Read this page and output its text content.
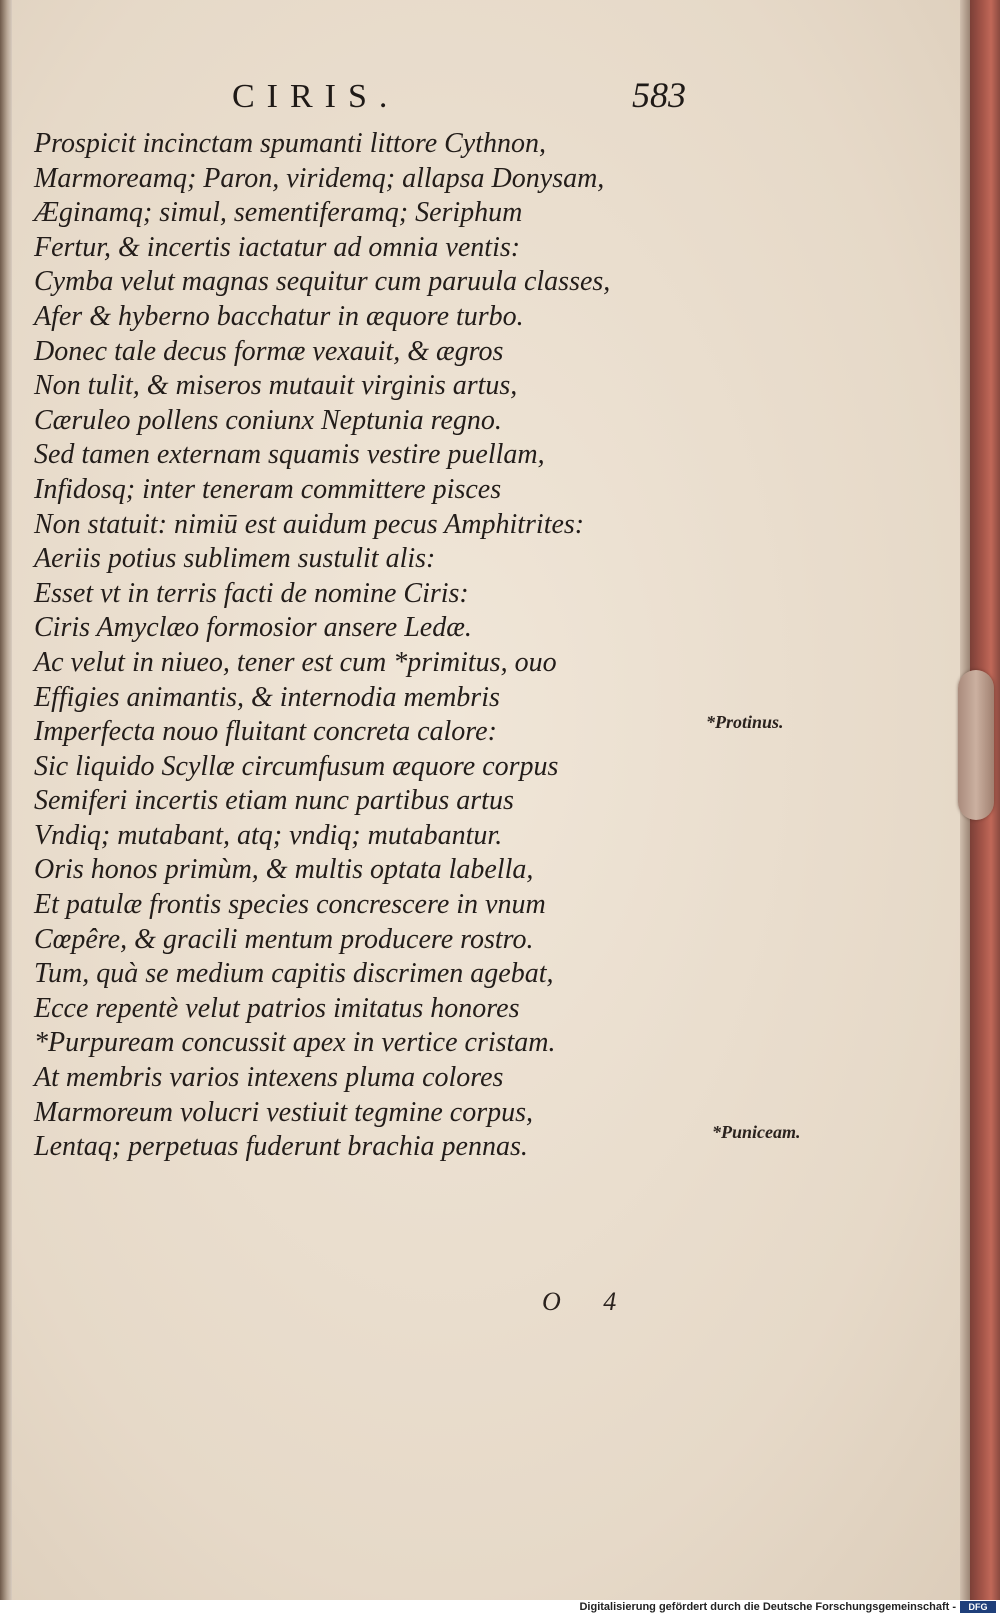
CIRIS.	583
Prospicit incinctam spumanti littore Cythnon,
Marmoreamq; Paron, viridemq; allapsa Donysam,
Æginamq; simul, sementiferamq; Seriphum
Fertur, & incertis iactatur ad omnia ventis:
Cymba velut magnas sequitur cum paruula classes,
Afer & hyberno bacchatur in æquore turbo.
Donec tale decus formæ vexauit, & ægros
Non tulit, & miseros mutauit virginis artus,
Cæruleo pollens coniunx Neptunia regno.
Sed tamen externam squamis vestire puellam,
Infidosq; inter teneram committere pisces
Non statuit: nimiū est auidum pecus Amphitrites:
Aeriis potius sublimem sustulit alis:
Esset vt in terris facti de nomine Ciris:
Ciris Amyclæo formosior ansere Ledæ.
Ac velut in niueo, tener est cum *primitus, ouo
Effigies animantis, & internodia membris
Imperfecta nouo fluitant concreta calore:
Sic liquido Scyllæ circumfusum æquore corpus
Semiferi incertis etiam nunc partibus artus
Vndiq; mutabant, atq; vndiq; mutabantur.
Oris honos primùm, & multis optata labella,
Et patulæ frontis species concrescere in vnum
Cœpêre, & gracili mentum producere rostro.
Tum, quà se medium capitis discrimen agebat,
Ecce repentè velut patrios imitatus honores
*Purpuream concussit apex in vertice cristam.
At membris varios intexens pluma colores
Marmoreum volucri vestiuit tegmine corpus,
Lentaq; perpetuas fuderunt brachia pennas.
*Protinus.
*Puniceam.
O 4
Digitalisierung gefördert durch die Deutsche Forschungsgemeinschaft -	DFG
